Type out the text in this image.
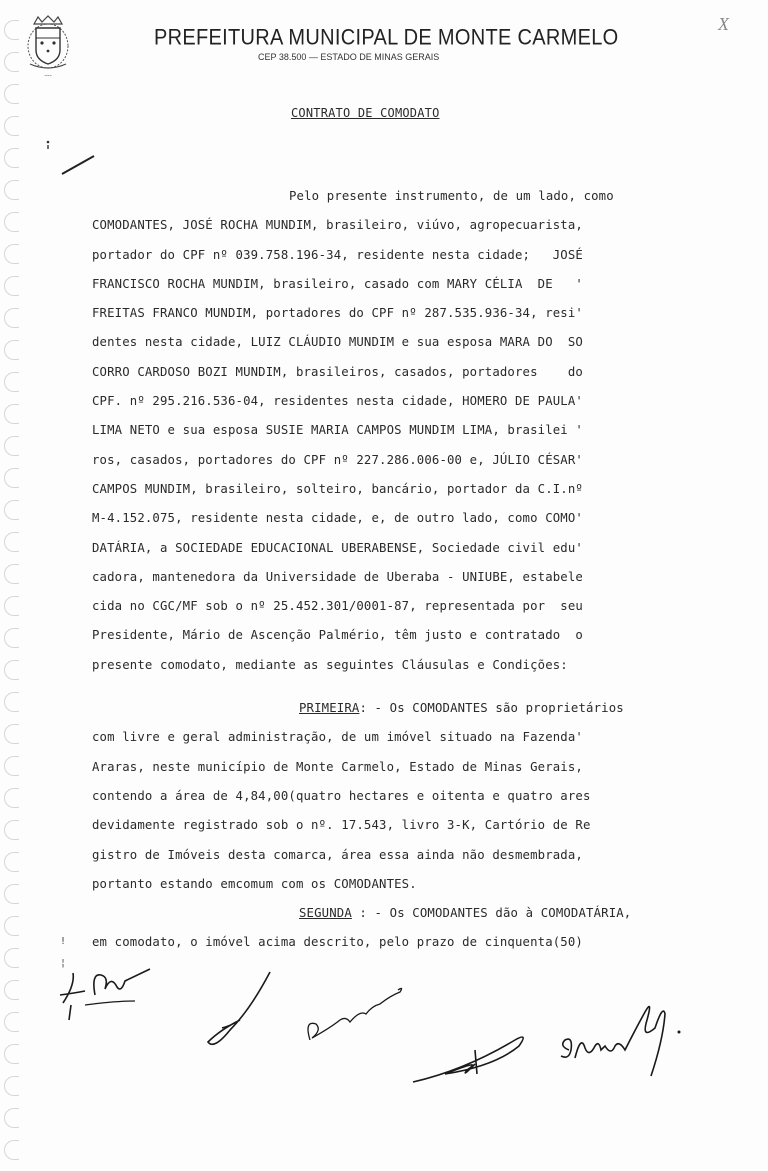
~~~
PREFEITURA MUNICIPAL DE MONTE CARMELO
CEP 38.500 — ESTADO DE MINAS GERAIS
X
CONTRATO DE COMODATO
Pelo presente instrumento, de um lado, como
COMODANTES, JOSÉ ROCHA MUNDIM, brasileiro, viúvo, agropecuarista,
portador do CPF nº 039.758.196-34, residente nesta cidade;   JOSÉ
FRANCISCO ROCHA MUNDIM, brasileiro, casado com MARY CÉLIA  DE   '
FREITAS FRANCO MUNDIM, portadores do CPF nº 287.535.936-34, resi'
dentes nesta cidade, LUIZ CLÁUDIO MUNDIM e sua esposa MARA DO  SO
CORRO CARDOSO BOZI MUNDIM, brasileiros, casados, portadores    do
CPF. nº 295.216.536-04, residentes nesta cidade, HOMERO DE PAULA'
LIMA NETO e sua esposa SUSIE MARIA CAMPOS MUNDIM LIMA, brasilei '
ros, casados, portadores do CPF nº 227.286.006-00 e, JÚLIO CÉSAR'
CAMPOS MUNDIM, brasileiro, solteiro, bancário, portador da C.I.nº
M-4.152.075, residente nesta cidade, e, de outro lado, como COMO'
DATÁRIA, a SOCIEDADE EDUCACIONAL UBERABENSE, Sociedade civil edu'
cadora, mantenedora da Universidade de Uberaba - UNIUBE, estabele
cida no CGC/MF sob o nº 25.452.301/0001-87, representada por  seu
Presidente, Mário de Ascenção Palmério, têm justo e contratado  o
presente comodato, mediante as seguintes Cláusulas e Condições:
PRIMEIRA: - Os COMODANTES são proprietários
com livre e geral administração, de um imóvel situado na Fazenda'
Araras, neste município de Monte Carmelo, Estado de Minas Gerais,
contendo a área de 4,84,00(quatro hectares e oitenta e quatro ares
devidamente registrado sob o nº. 17.543, livro 3-K, Cartório de Re
gistro de Imóveis desta comarca, área essa ainda não desmembrada,
portanto estando emcomum com os COMODANTES.
SEGUNDA : - Os COMODANTES dão à COMODATÁRIA,
em comodato, o imóvel acima descrito, pelo prazo de cinquenta(50)
!
¦
